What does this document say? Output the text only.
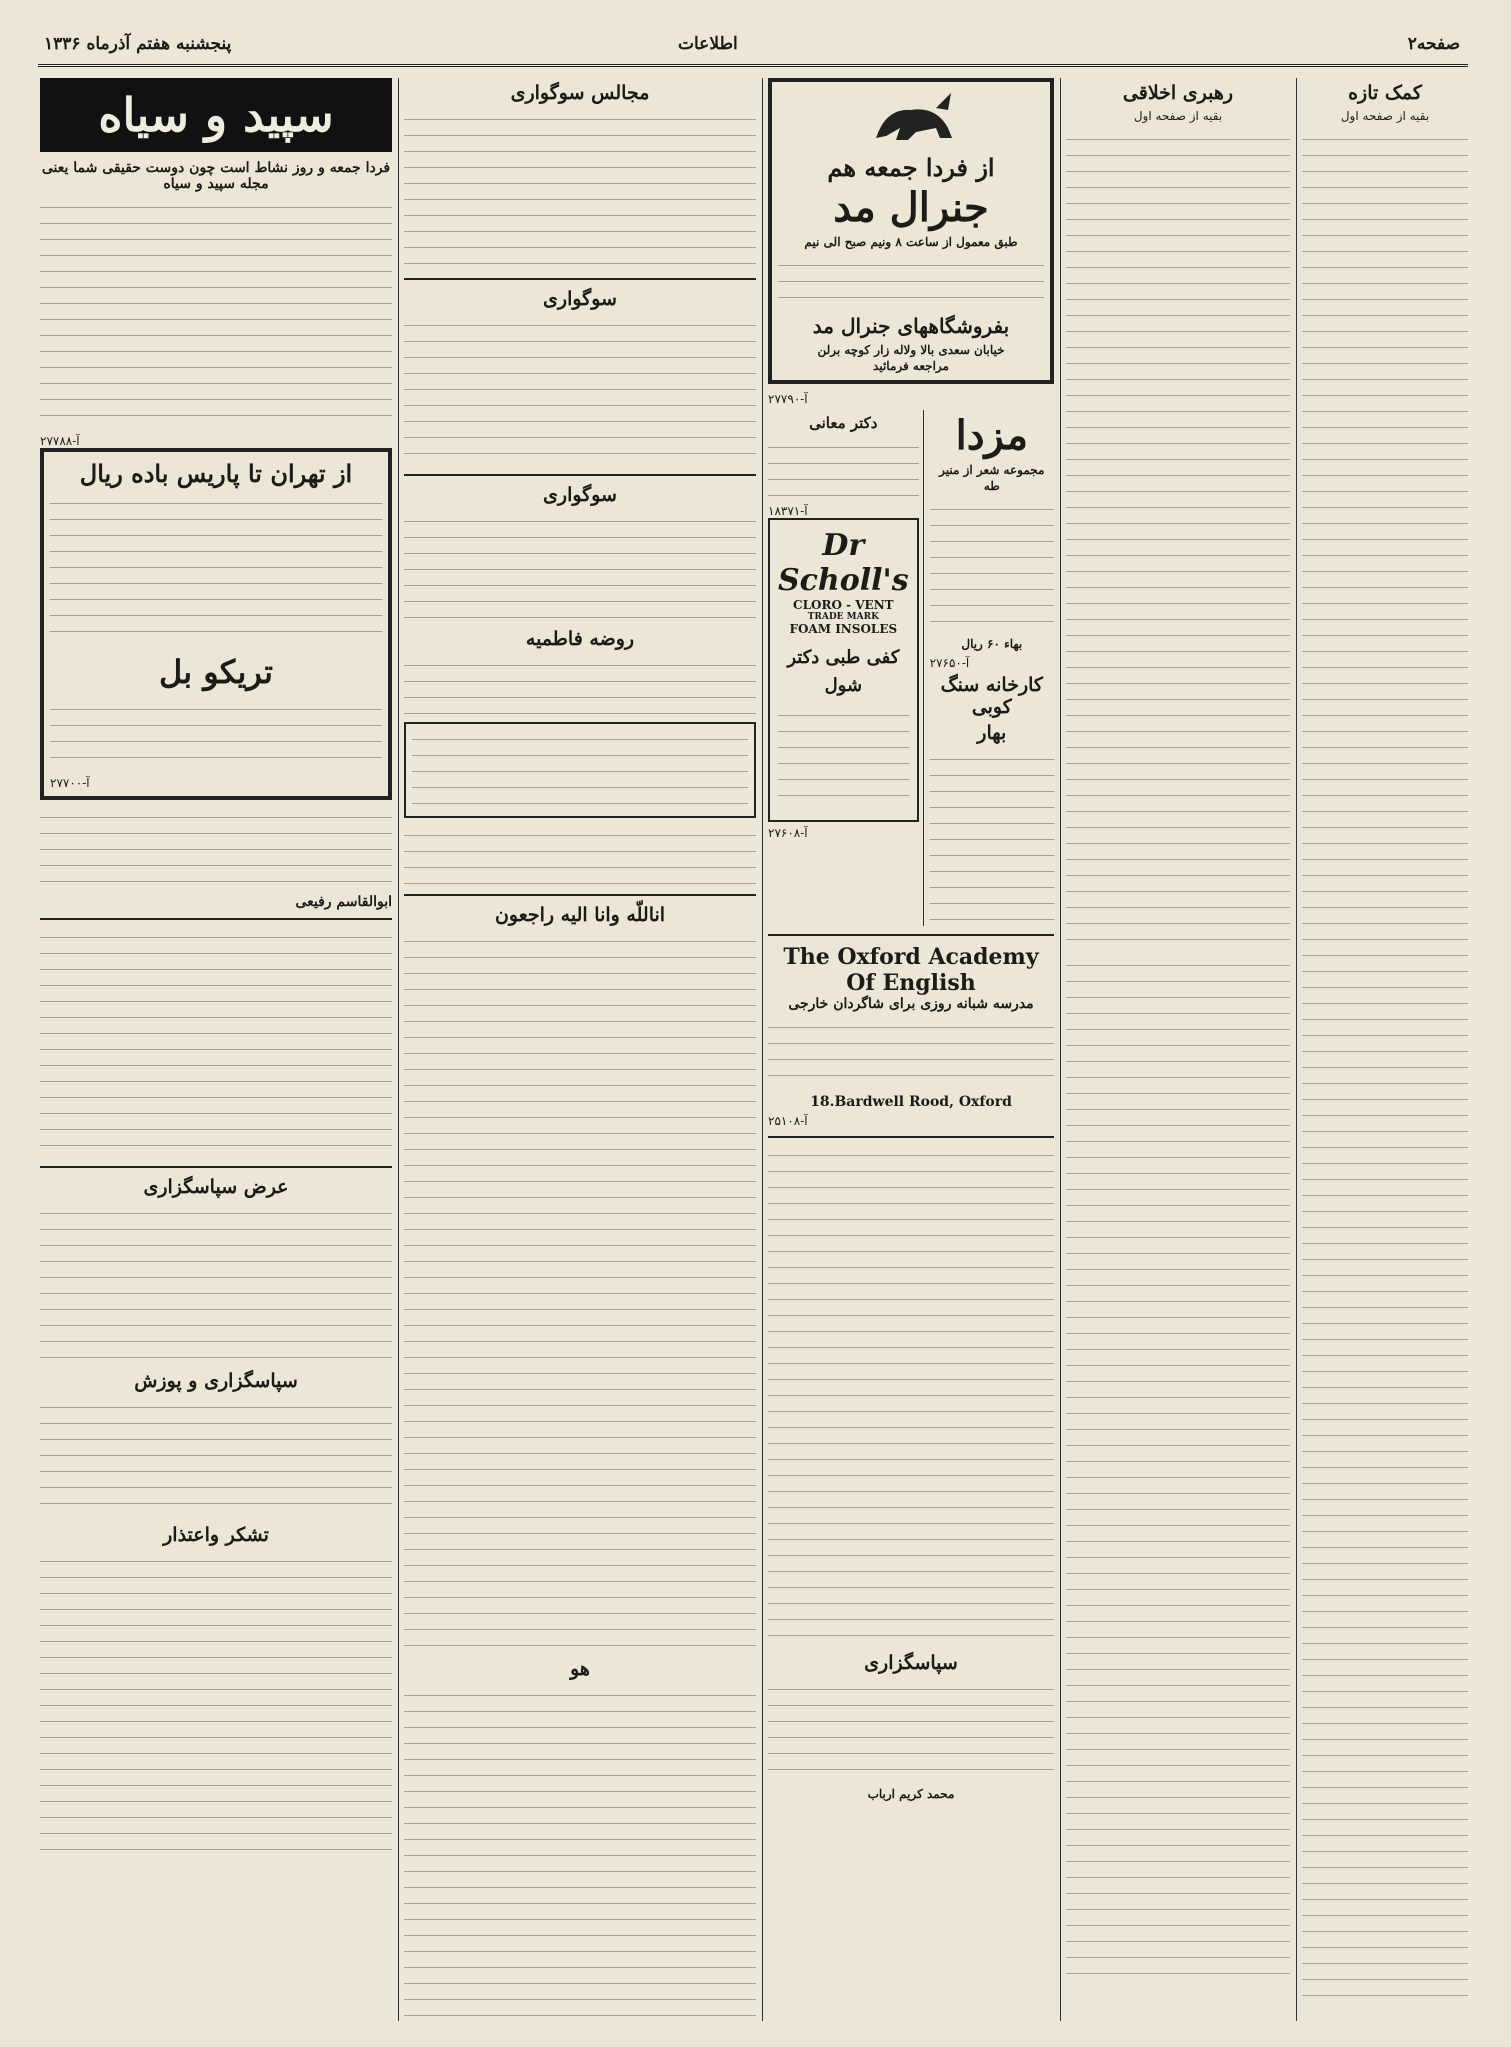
صفحه۲
اطلاعات
پنجشنبه هفتم آذرماه ۱۳۳۶
کمک تازه
بقیه از صفحه اول
رهبری اخلاقی
بقیه از صفحه اول
از فردا جمعه هم
جنرال مد
طبق معمول از ساعت ۸ ونیم صبح الی نیم
بفروشگاههای جنرال مد
خیابان سعدی بالا ولاله زار کوچه برلن
مراجعه فرمائید
آ-۲۷۷۹۰
مزدا
مجموعه شعر از منیر طه
بهاء ۶۰ ریال
آ-۲۷۶۵۰
کارخانه سنگ کوبی
بهار
دکتر معانی
آ-۱۸۳۷۱
Dr Scholl's
CLORO - VENT
TRADE MARK
FOAM INSOLES
کفی طبی دکتر شول
آ-۲۷۶۰۸
The Oxford Academy Of English
مدرسه شبانه روزی برای شاگردان خارجی
18.Bardwell Rood, Oxford
آ-۲۵۱۰۸
سپاسگزاری
محمد کریم ارباب
مجالس سوگواری
سوگواری
سوگواری
روضه فاطمیه
اناللّه وانا الیه راجعون
هو
سپید و سیاه
فردا جمعه و روز نشاط است چون دوست حقیقی شما یعنی مجله سپید و سیاه
آ-۲۷۷۸۸
از تهران تا پاریس باده ریال
تریکو بل
آ-۲۷۷۰۰
ابوالقاسم رفیعی
عرض سپاسگزاری
سپاسگزاری و پوزش
تشکر واعتذار
